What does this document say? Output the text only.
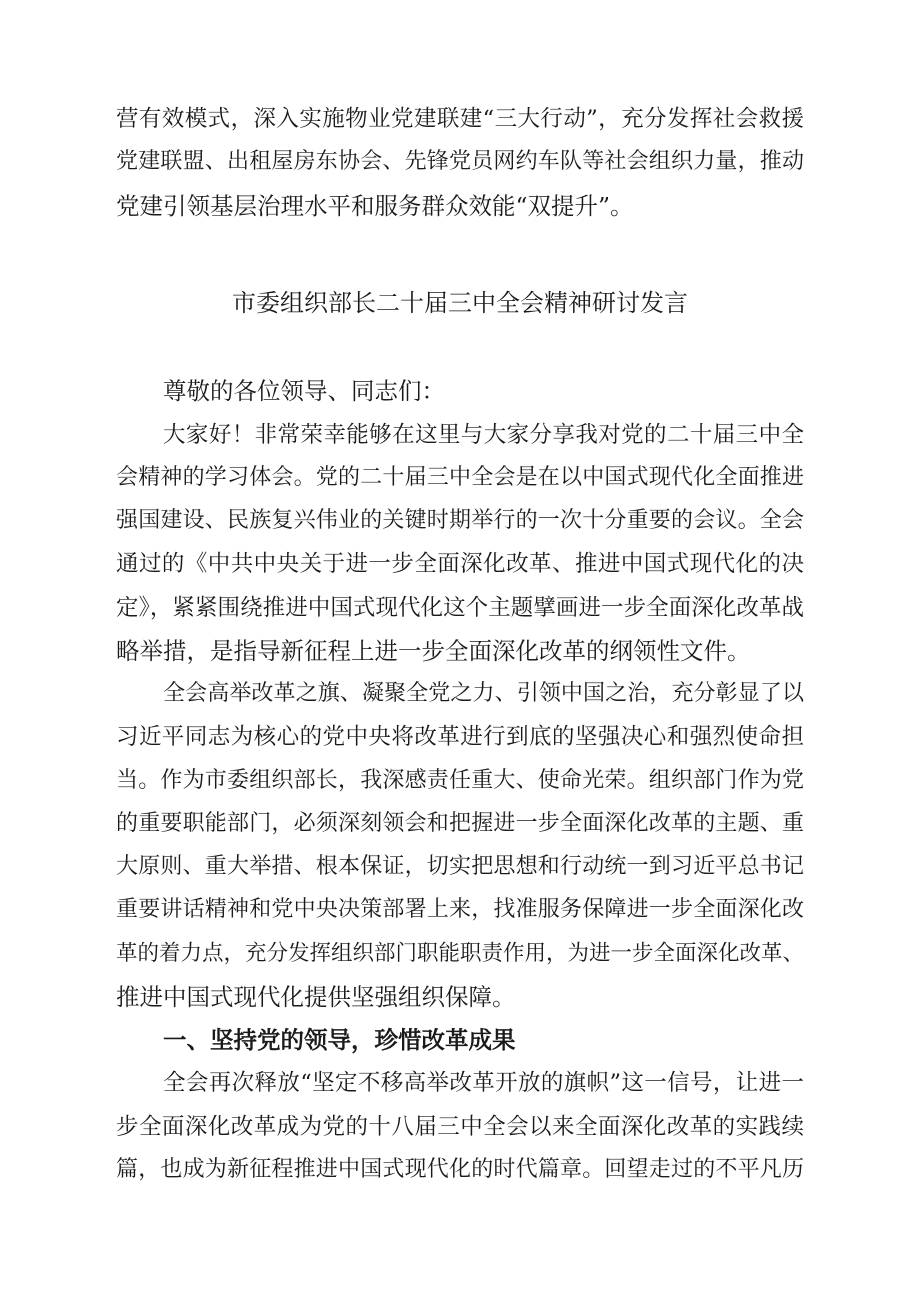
营有效模式，深入实施物业党建联建“三大行动”，充分发挥社会救援
党建联盟、出租屋房东协会、先锋党员网约车队等社会组织力量，推动
党建引领基层治理水平和服务群众效能“双提升”。
市委组织部长二十届三中全会精神研讨发言
尊敬的各位领导、同志们：
大家好！非常荣幸能够在这里与大家分享我对党的二十届三中全
会精神的学习体会。党的二十届三中全会是在以中国式现代化全面推进
强国建设、民族复兴伟业的关键时期举行的一次十分重要的会议。全会
通过的《中共中央关于进一步全面深化改革、推进中国式现代化的决
定》，紧紧围绕推进中国式现代化这个主题擘画进一步全面深化改革战
略举措，是指导新征程上进一步全面深化改革的纲领性文件。
全会高举改革之旗、凝聚全党之力、引领中国之治，充分彰显了以
习近平同志为核心的党中央将改革进行到底的坚强决心和强烈使命担
当。作为市委组织部长，我深感责任重大、使命光荣。组织部门作为党
的重要职能部门，必须深刻领会和把握进一步全面深化改革的主题、重
大原则、重大举措、根本保证，切实把思想和行动统一到习近平总书记
重要讲话精神和党中央决策部署上来，找准服务保障进一步全面深化改
革的着力点，充分发挥组织部门职能职责作用，为进一步全面深化改革、
推进中国式现代化提供坚强组织保障。
一、坚持党的领导，珍惜改革成果
全会再次释放“坚定不移高举改革开放的旗帜”这一信号，让进一
步全面深化改革成为党的十八届三中全会以来全面深化改革的实践续
篇，也成为新征程推进中国式现代化的时代篇章。回望走过的不平凡历
